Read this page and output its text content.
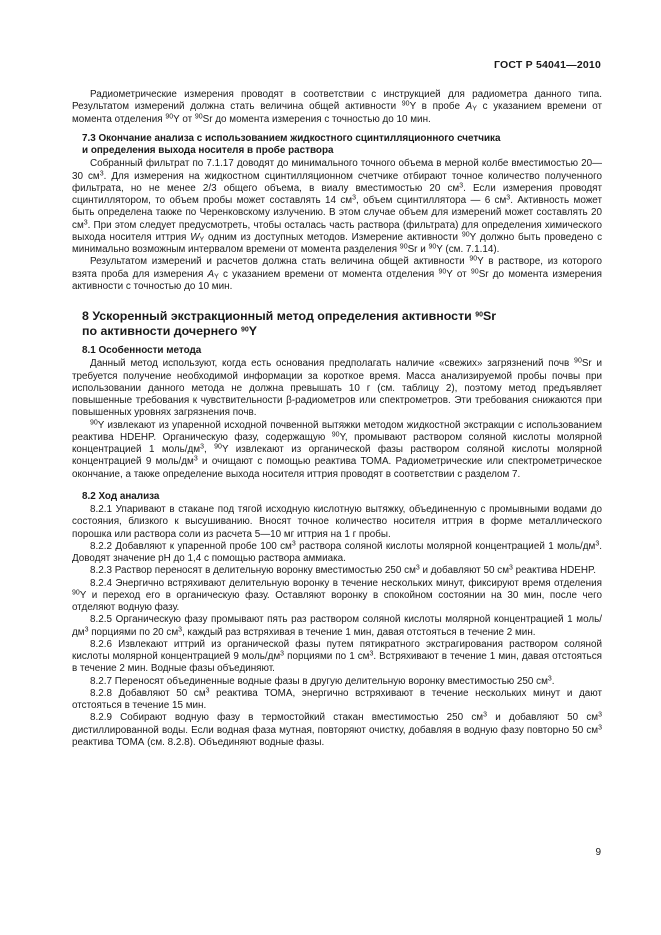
ГОСТ Р 54041—2010

Радиометрические измерения проводят в соответствии с инструкцией для радиометра данного типа. Результатом измерений должна стать величина общей активности $^{90}$Y в пробе $A_Y$ с указанием времени от момента отделения $^{90}$Y от $^{90}$Sr до момента измерения с точностью до 10 мин.

7.3 Окончание анализа с использованием жидкостного сцинтилляционного счетчика
и определения выхода носителя в пробе раствора

Собранный фильтрат по 7.1.17 доводят до минимального точного объема в мерной колбе вместимостью 20—30 $см^3$. Для измерения на жидкостном сцинтилляционном счетчике отбирают точное количество полученного фильтрата, но не менее 2/3 общего объема, в виалу вместимостью 20 $см^3$. Если измерения проводят сцинтиллятором, то объем пробы может составлять 14 $см^3$, объем сцинтиллятора — 6 $см^3$. Активность может быть определена также по Черенковскому излучению. В этом случае объем для измерений может составлять 20 $см^3$. При этом следует предусмотреть, чтобы осталась часть раствора (фильтрата) для определения химического выхода носителя иттрия $W_Y$ одним из доступных методов. Измерение активности $^{90}$Y должно быть проведено с минимально возможным интервалом времени от момента разделения $^{90}$Sr и $^{90}$Y (см. 7.1.14).

Результатом измерений и расчетов должна стать величина общей активности $^{90}$Y в растворе, из которого взята проба для измерения $A_Y$ с указанием времени от момента отделения $^{90}$Y от $^{90}$Sr до момента измерения активности с точностью до 10 мин.

8 Ускоренный экстракционный метод определения активности $^{90}$Sr
по активности дочернего $^{90}$Y
8.1 Особенности метода

Данный метод используют, когда есть основания предполагать наличие «свежих» загрязнений почв $^{90}$Sr и требуется получение необходимой информации за короткое время. Масса анализируемой пробы почвы при использовании данного метода не должна превышать 10 г (см. таблицу 2), поэтому метод предъявляет повышенные требования к чувствительности β-радиометров или спектрометров. Эти требования снижаются при повышенных уровнях загрязнения почв.

$^{90}$Y извлекают из упаренной исходной почвенной вытяжки методом жидкостной экстракции с использованием реактива HDEHP. Органическую фазу, содержащую $^{90}$Y, промывают раствором соляной кислоты молярной концентрацией 1 моль/$дм^3$, $^{90}$Y извлекают из органической фазы раствором соляной кислоты молярной концентрацией 9 моль/$дм^3$ и очищают с помощью реактива ТОМА. Радиометрические или спектрометрическое окончание, а также определение выхода носителя иттрия проводят в соответствии с разделом 7.

8.2 Ход анализа

8.2.1 Упаривают в стакане под тягой исходную кислотную вытяжку, объединенную с промывными водами до состояния, близкого к высушиванию. Вносят точное количество носителя иттрия в форме металлического порошка или раствора соли из расчета 5—10 мг иттрия на 1 г пробы.

8.2.2 Добавляют к упаренной пробе 100 $см^3$ раствора соляной кислоты молярной концентрацией 1 моль/$дм^3$. Доводят значение pH до 1,4 с помощью раствора аммиака.

8.2.3 Раствор переносят в делительную воронку вместимостью 250 $см^3$ и добавляют 50 $см^3$ реактива HDEHP.

8.2.4 Энергично встряхивают делительную воронку в течение нескольких минут, фиксируют время отделения $^{90}$Y и переход его в органическую фазу. Оставляют воронку в спокойном состоянии на 30 мин, после чего отделяют водную фазу.

8.2.5 Органическую фазу промывают пять раз раствором соляной кислоты молярной концентрацией 1 моль/$дм^3$ порциями по 20 $см^3$, каждый раз встряхивая в течение 1 мин, давая отстояться в течение 2 мин.

8.2.6 Извлекают иттрий из органической фазы путем пятикратного экстрагирования раствором соляной кислоты молярной концентрацией 9 моль/$дм^3$ порциями по 1 $см^3$. Встряхивают в течение 1 мин, давая отстояться в течение 2 мин. Водные фазы объединяют.

8.2.7 Переносят объединенные водные фазы в другую делительную воронку вместимостью 250 $см^3$.

8.2.8 Добавляют 50 $см^3$ реактива ТОМА, энергично встряхивают в течение нескольких минут и дают отстояться в течение 15 мин.

8.2.9 Собирают водную фазу в термостойкий стакан вместимостью 250 $см^3$ и добавляют 50 $см^3$ дистиллированной воды. Если водная фаза мутная, повторяют очистку, добавляя в водную фазу повторно 50 $см^3$ реактива ТОМА (см. 8.2.8). Объединяют водные фазы.

9
